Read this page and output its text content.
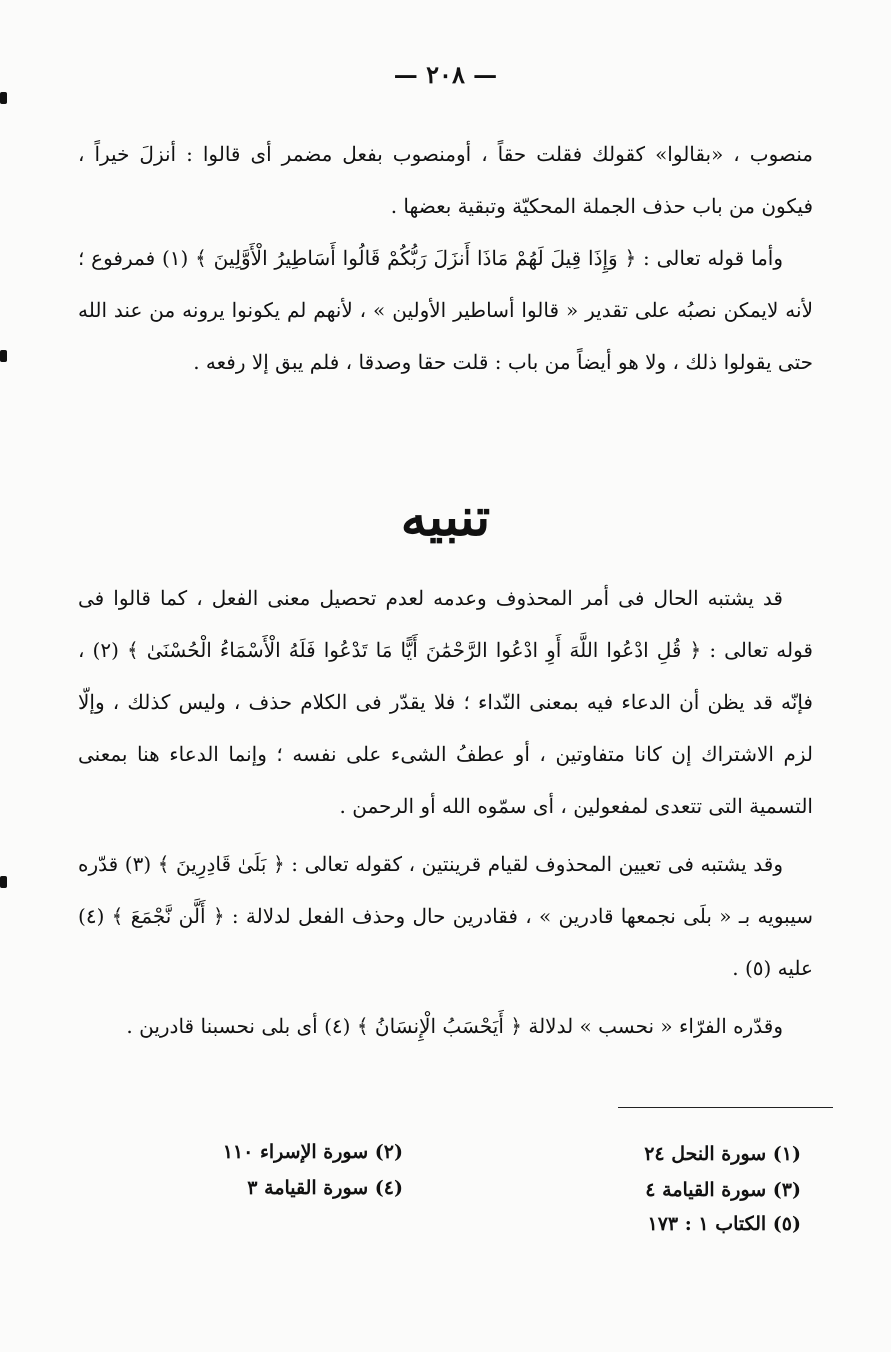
— ٢٠٨ —

منصوب ، «بقالوا» كقولك فقلت حقاً ، أومنصوب بفعل مضمر أى قالوا : أنزلَ خيراً ، فيكون من باب حذف الجملة المحكيّة وتبقية بعضها .

وأما قوله تعالى : ﴿ وَإِذَا قِيلَ لَهُمْ مَاذَا أَنزَلَ رَبُّكُمْ قَالُوا أَسَاطِيرُ الْأَوَّلِينَ ﴾ (١) فمرفوع ؛ لأنه لايمكن نصبُه على تقدير « قالوا أساطير الأولين » ، لأنهم لم يكونوا يرونه من عند الله حتى يقولوا ذلك ، ولا هو أيضاً من باب : قلت حقا وصدقا ، فلم يبق إلا رفعه .

تنبيه

قد يشتبه الحال فى أمر المحذوف وعدمه لعدم تحصيل معنى الفعل ، كما قالوا فى قوله تعالى : ﴿ قُلِ ادْعُوا اللَّهَ أَوِ ادْعُوا الرَّحْمَٰنَ أَيًّا مَا تَدْعُوا فَلَهُ الْأَسْمَاءُ الْحُسْنَىٰ ﴾ (٢) ، فإنّه قد يظن أن الدعاء فيه بمعنى النّداء ؛ فلا يقدّر فى الكلام حذف ، وليس كذلك ، وإلّا لزم الاشتراك إن كانا متفاوتين ، أو عطفُ الشىء على نفسه ؛ وإنما الدعاء هنا بمعنى التسمية التى تتعدى لمفعولين ، أى سمّوه الله أو الرحمن .

وقد يشتبه فى تعيين المحذوف لقيام قرينتين ، كقوله تعالى : ﴿ بَلَىٰ قَادِرِينَ ﴾ (٣) قدّره سيبويه بـ « بلَى نجمعها قادرين » ، فقادرين حال وحذف الفعل لدلالة : ﴿ أَلَّن نَّجْمَعَ ﴾ (٤) عليه (٥) .

وقدّره الفرّاء « نحسب » لدلالة ﴿ أَيَحْسَبُ الْإِنسَانُ ﴾ (٤) أى بلى نحسبنا قادرين .

(١) سورة النحل ٢٤
(٢) سورة الإسراء ١١٠
(٣) سورة القيامة ٤
(٤) سورة القيامة ٣
(٥) الكتاب ١ : ١٧٣
